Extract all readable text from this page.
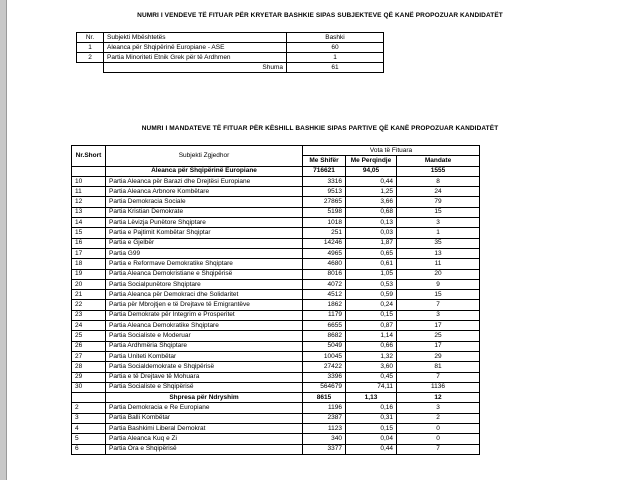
NUMRI I VENDEVE TË FITUAR PËR KRYETAR BASHKIE SIPAS SUBJEKTEVE QË KANË PROPOZUAR KANDIDATËT
Nr.	Subjekti Mbështetës	Bashki
1	Aleanca për Shqipërinë Europiane - ASE	60
2	Partia Minoriteti Etnik Grek për të Ardhmen	1
	Shuma	61
NUMRI I MANDATEVE TË FITUAR PËR KËSHILL BASHKIE SIPAS PARTIVE QË KANË PROPOZUAR KANDIDATËT
Nr.Short	Subjekti Zgjedhor	Vota të Fituara		
		Me Shifër	Me Perqindje	Mandate
	Aleanca për Shqipërinë Europiane	716621	94,05	1555
10	Partia Aleanca për Barazi dhe Drejtësi Europiane	3316	0,44	8
11	Partia Aleanca Arbnore Kombëtare	9513	1,25	24
12	Partia Demokracia Sociale	27865	3,66	79
13	Partia Kristian Demokrate	5198	0,68	15
14	Partia Lëvizja Punëtore Shqiptare	1018	0,13	3
15	Partia e Pajtimit Kombëtar Shqiptar	251	0,03	1
16	Partia e Gjelbër	14246	1,87	35
17	Partia G99	4965	0,65	13
18	Partia e Reformave Demokratike Shqiptare	4680	0,61	11
19	Partia Aleanca Demokristiane e Shqipërisë	8016	1,05	20
20	Partia Socialpunëtore Shqiptare	4072	0,53	9
21	Partia Aleanca për Demokraci dhe Solidaritet	4512	0,59	15
22	Partia për Mbrojtjen e të Drejtave të Emigrantëve	1862	0,24	7
23	Partia Demokrate për Integrim e Prosperitet	1179	0,15	3
24	Partia Aleanca Demokratike Shqiptare	6655	0,87	17
25	Partia Socialiste e Moderuar	8682	1,14	25
26	Partia Ardhmëria Shqiptare	5049	0,66	17
27	Partia Uniteti Kombëtar	10045	1,32	29
28	Partia Socialdemokrate e Shqipërisë	27422	3,60	81
29	Partia e të Drejtave të Mohuara	3396	0,45	7
30	Partia Socialiste e Shqipërisë	564679	74,11	1136
	Shpresa për Ndryshim	8615	1,13	12
2	Partia Demokracia e Re Europiane	1196	0,16	3
3	Partia Balli Kombëtar	2387	0,31	2
4	Partia Bashkimi Liberal Demokrat	1123	0,15	0
5	Partia Aleanca Kuq e Zi	340	0,04	0
6	Partia Ora e Shqipërisë	3377	0,44	7
